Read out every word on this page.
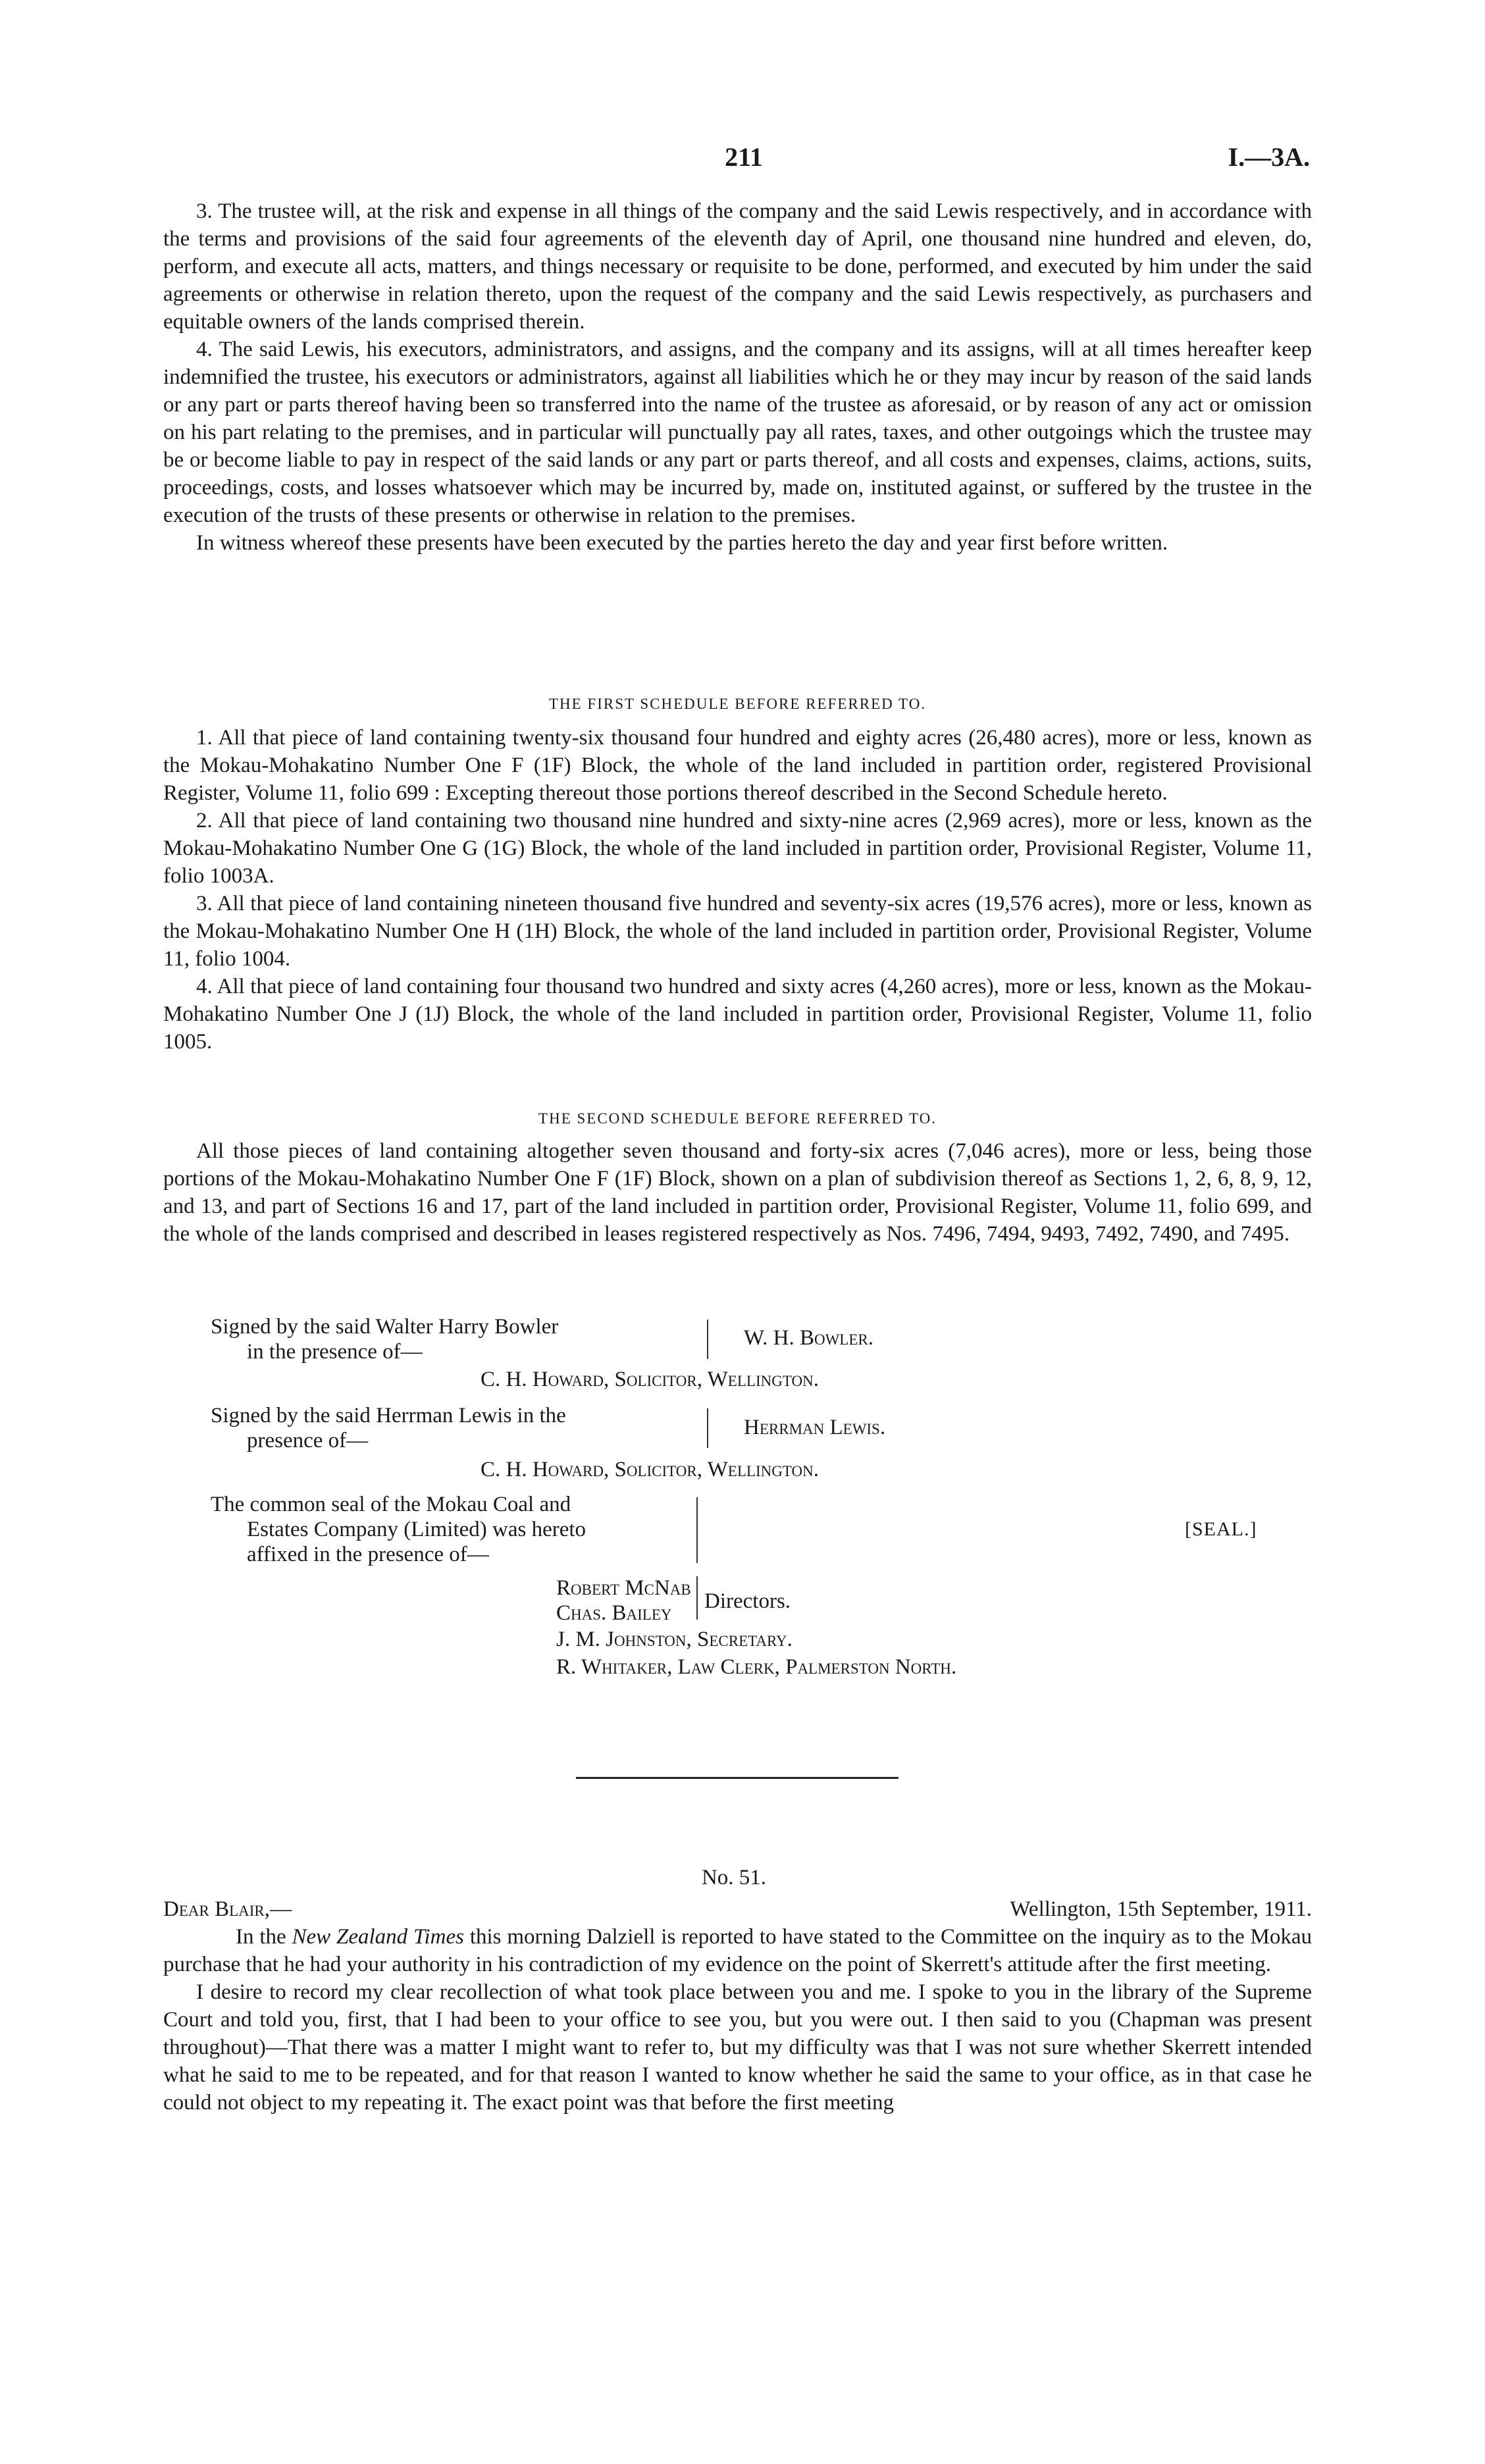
211	I.—3A.

3. The trustee will, at the risk and expense in all things of the company and the said Lewis respectively, and in accordance with the terms and provisions of the said four agreements of the eleventh day of April, one thousand nine hundred and eleven, do, perform, and execute all acts, matters, and things necessary or requisite to be done, performed, and executed by him under the said agreements or otherwise in relation thereto, upon the request of the company and the said Lewis respectively, as purchasers and equitable owners of the lands comprised therein.

4. The said Lewis, his executors, administrators, and assigns, and the company and its assigns, will at all times hereafter keep indemnified the trustee, his executors or administrators, against all liabilities which he or they may incur by reason of the said lands or any part or parts thereof having been so transferred into the name of the trustee as aforesaid, or by reason of any act or omission on his part relating to the premises, and in particular will punctually pay all rates, taxes, and other outgoings which the trustee may be or become liable to pay in respect of the said lands or any part or parts thereof, and all costs and expenses, claims, actions, suits, proceedings, costs, and losses whatsoever which may be incurred by, made on, instituted against, or suffered by the trustee in the execution of the trusts of these presents or otherwise in relation to the premises.

In witness whereof these presents have been executed by the parties hereto the day and year first before written.

THE FIRST SCHEDULE BEFORE REFERRED TO.

1. All that piece of land containing twenty-six thousand four hundred and eighty acres (26,480 acres), more or less, known as the Mokau-Mohakatino Number One F (1F) Block, the whole of the land included in partition order, registered Provisional Register, Volume 11, folio 699 : Excepting thereout those portions thereof described in the Second Schedule hereto.

2. All that piece of land containing two thousand nine hundred and sixty-nine acres (2,969 acres), more or less, known as the Mokau-Mohakatino Number One G (1G) Block, the whole of the land included in partition order, Provisional Register, Volume 11, folio 1003A.

3. All that piece of land containing nineteen thousand five hundred and seventy-six acres (19,576 acres), more or less, known as the Mokau-Mohakatino Number One H (1H) Block, the whole of the land included in partition order, Provisional Register, Volume 11, folio 1004.

4. All that piece of land containing four thousand two hundred and sixty acres (4,260 acres), more or less, known as the Mokau-Mohakatino Number One J (1J) Block, the whole of the land included in partition order, Provisional Register, Volume 11, folio 1005.

THE SECOND SCHEDULE BEFORE REFERRED TO.

All those pieces of land containing altogether seven thousand and forty-six acres (7,046 acres), more or less, being those portions of the Mokau-Mohakatino Number One F (1F) Block, shown on a plan of subdivision thereof as Sections 1, 2, 6, 8, 9, 12, and 13, and part of Sections 16 and 17, part of the land included in partition order, Provisional Register, Volume 11, folio 699, and the whole of the lands comprised and described in leases registered respectively as Nos. 7496, 7494, 9493, 7492, 7490, and 7495.

Signed by the said Walter Harry Bowler
in the presence of—
W. H. Bowler.
C. H. Howard, Solicitor, Wellington.
Signed by the said Herrman Lewis in the
presence of—
Herrman Lewis.
C. H. Howard, Solicitor, Wellington.
The common seal of the Mokau Coal and
Estates Company (Limited) was hereto
affixed in the presence of—
[SEAL.]
Robert McNab
Chas. Bailey Directors.
J. M. Johnston, Secretary.
R. Whitaker, Law Clerk, Palmerston North.
No. 51.
Dear Blair,—	Wellington, 15th September, 1911.

In the New Zealand Times this morning Dalziell is reported to have stated to the Committee on the inquiry as to the Mokau purchase that he had your authority in his contradiction of my evidence on the point of Skerrett's attitude after the first meeting.

I desire to record my clear recollection of what took place between you and me. I spoke to you in the library of the Supreme Court and told you, first, that I had been to your office to see you, but you were out. I then said to you (Chapman was present throughout)—That there was a matter I might want to refer to, but my difficulty was that I was not sure whether Skerrett intended what he said to me to be repeated, and for that reason I wanted to know whether he said the same to your office, as in that case he could not object to my repeating it. The exact point was that before the first meeting
